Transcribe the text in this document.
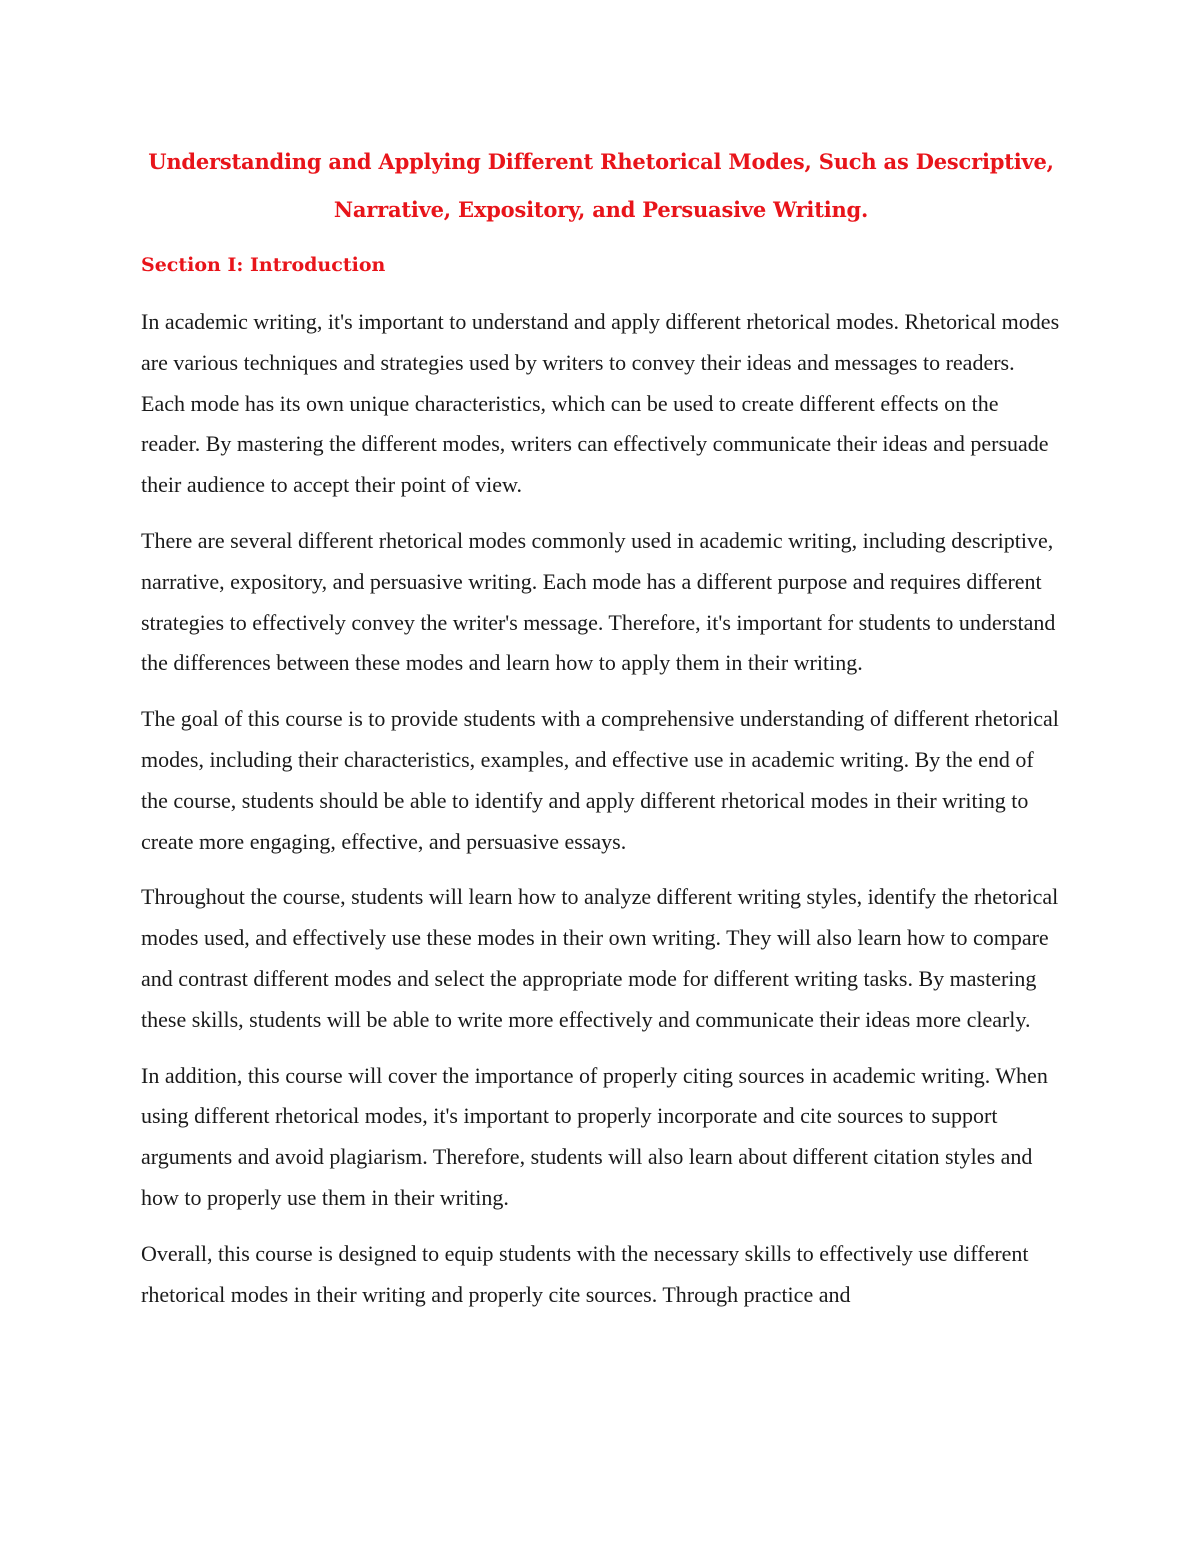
Understanding and Applying Different Rhetorical Modes, Such as Descriptive, Narrative, Expository, and Persuasive Writing.
Section I: Introduction

In academic writing, it's important to understand and apply different rhetorical modes. Rhetorical modes are various techniques and strategies used by writers to convey their ideas and messages to readers. Each mode has its own unique characteristics, which can be used to create different effects on the reader. By mastering the different modes, writers can effectively communicate their ideas and persuade their audience to accept their point of view.

There are several different rhetorical modes commonly used in academic writing, including descriptive, narrative, expository, and persuasive writing. Each mode has a different purpose and requires different strategies to effectively convey the writer's message. Therefore, it's important for students to understand the differences between these modes and learn how to apply them in their writing.

The goal of this course is to provide students with a comprehensive understanding of different rhetorical modes, including their characteristics, examples, and effective use in academic writing. By the end of the course, students should be able to identify and apply different rhetorical modes in their writing to create more engaging, effective, and persuasive essays.

Throughout the course, students will learn how to analyze different writing styles, identify the rhetorical modes used, and effectively use these modes in their own writing. They will also learn how to compare and contrast different modes and select the appropriate mode for different writing tasks. By mastering these skills, students will be able to write more effectively and communicate their ideas more clearly.

In addition, this course will cover the importance of properly citing sources in academic writing. When using different rhetorical modes, it's important to properly incorporate and cite sources to support arguments and avoid plagiarism. Therefore, students will also learn about different citation styles and how to properly use them in their writing.

Overall, this course is designed to equip students with the necessary skills to effectively use different rhetorical modes in their writing and properly cite sources. Through practice and
